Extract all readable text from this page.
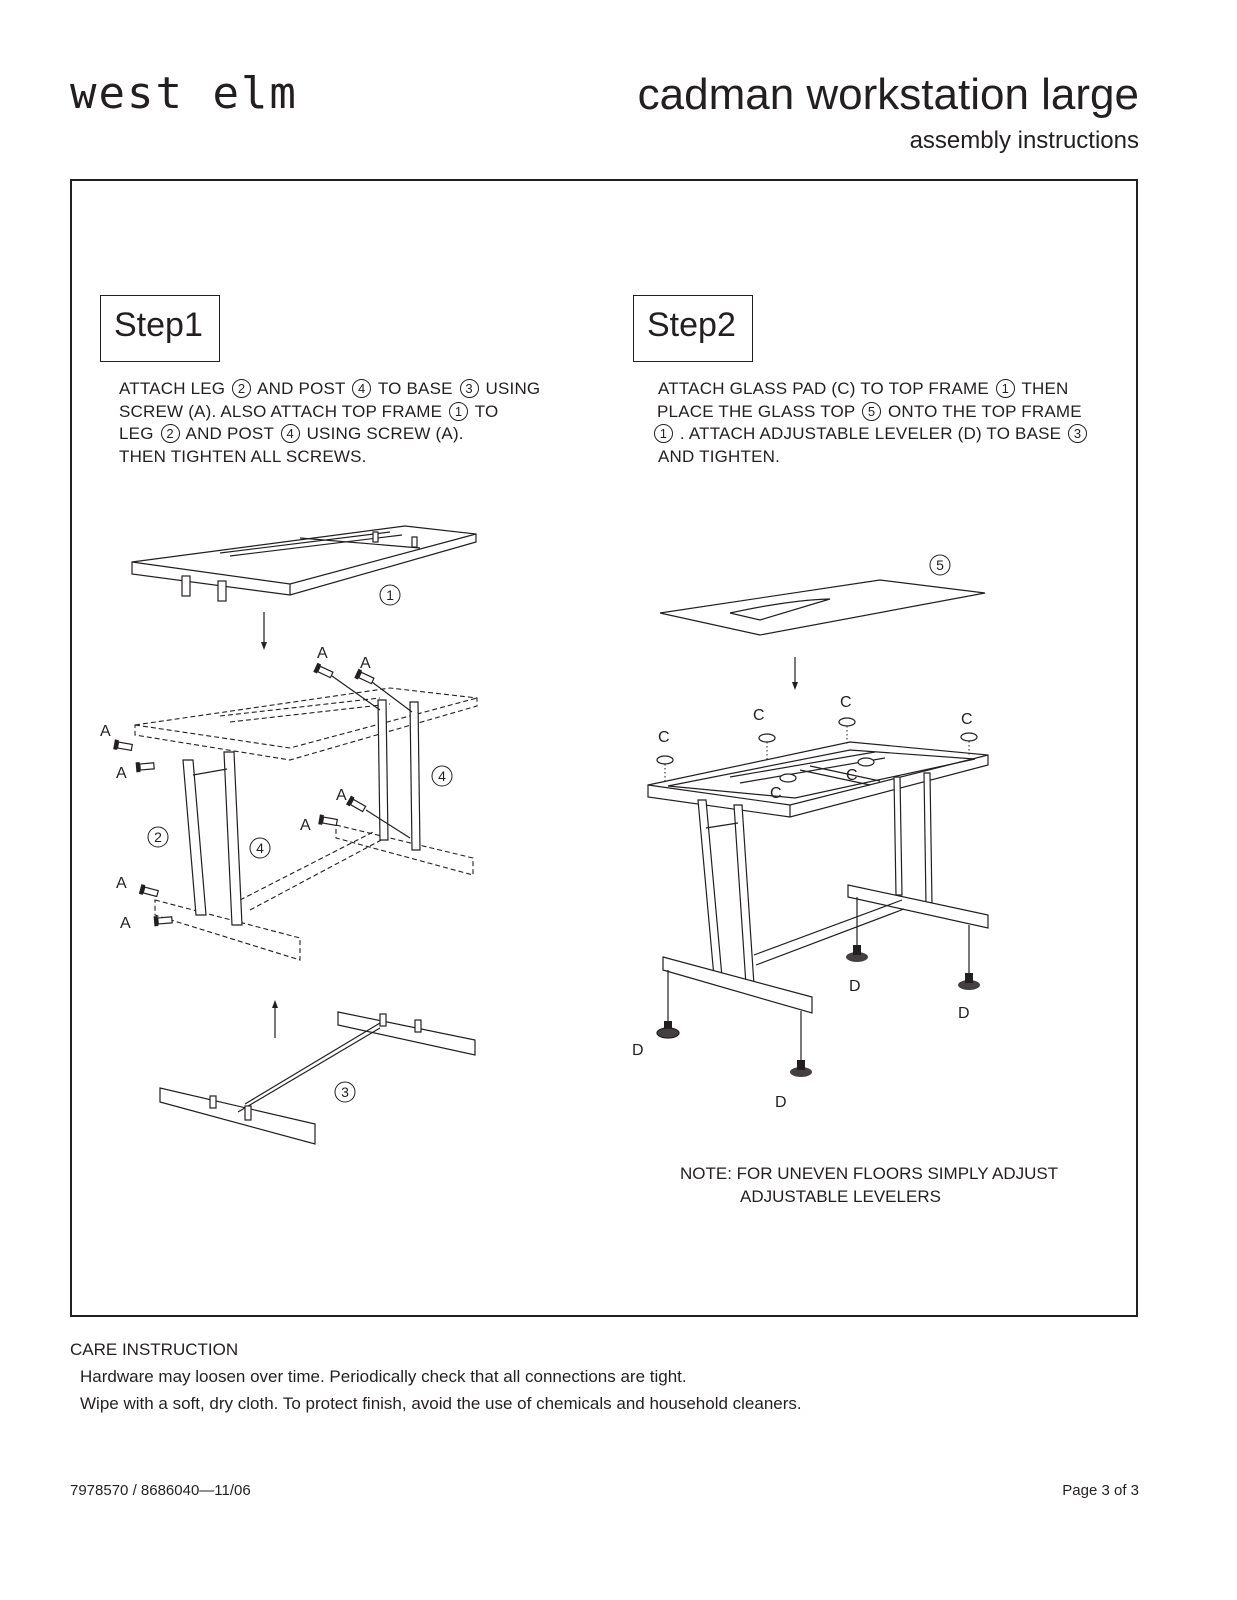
west elm	cadman workstation large
assembly instructions
Step1
ATTACH LEG 2 AND POST 4 TO BASE 3 USING
SCREW (A). ALSO ATTACH TOP FRAME 1 TO
LEG 2 AND POST 4 USING SCREW (A).
THEN TIGHTEN ALL SCREWS.
Step2
ATTACH GLASS PAD (C) TO TOP FRAME 1 THEN
PLACE THE GLASS TOP 5 ONTO THE TOP FRAME
1 . ATTACH ADJUSTABLE LEVELER (D) TO BASE 3
AND TIGHTEN.
A
A
A
A
A
A
A
A
1
2
3
4
4
5
C
C
C
C
C
C
D
D
D
D
NOTE: FOR UNEVEN FLOORS SIMPLY ADJUST
ADJUSTABLE LEVELERS
CARE INSTRUCTION
Hardware may loosen over time. Periodically check that all connections are tight.
Wipe with a soft, dry cloth. To protect finish, avoid the use of chemicals and household cleaners.
7978570 / 8686040—11/06	Page 3 of 3
